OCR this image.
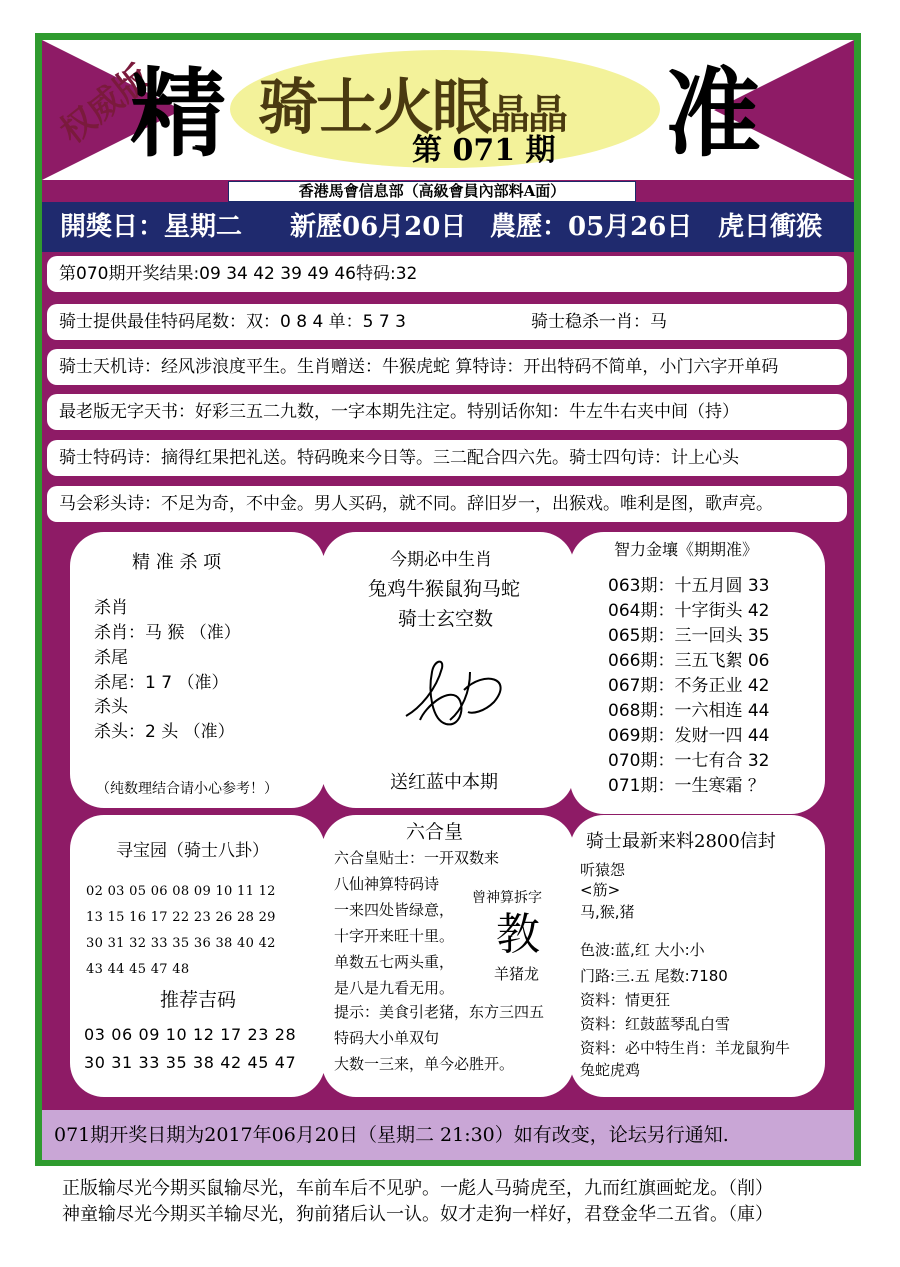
权威版
精	准
骑士火眼晶晶
第 071 期
香港馬會信息部（高級會員內部料A面）
開獎日：星期二 新歷06月20日 農歷：05月26日 虎日衝猴
第070期开奖结果:09 34 42 39 49 46特码:32
骑士提供最佳特码尾数：双：0 8 4 单：5 7 3	骑士稳杀一肖：马
骑士天机诗：经风涉浪度平生。生肖赠送：牛猴虎蛇 算特诗：开出特码不简单，小门六字开单码
最老版无字天书：好彩三五二九数，一字本期先注定。特别话你知：牛左牛右夹中间（持）
骑士特码诗：摘得红果把礼送。特码晚来今日等。三二配合四六先。骑士四句诗：计上心头
马会彩头诗：不足为奇，不中金。男人买码，就不同。辞旧岁一，出猴戏。唯利是图，歌声亮。
精 准 杀 项
杀肖
杀肖：马 猴 （准）
杀尾
杀尾：1 7 （准）
杀头
杀头：2 头 （准）
（纯数理结合请小心参考！）
今期必中生肖
兔鸡牛猴鼠狗马蛇
骑士玄空数
送红蓝中本期
智力金壤《期期准》
063期：十五月圆 33
064期：十字街头 42
065期：三一回头 35
066期：三五飞絮 06
067期：不务正业 42
068期：一六相连 44
069期：发财一四 44
070期：一七有合 32
071期：一生寒霜 ？
寻宝园（骑士八卦）
02 03 05 06 08 09 10 11 12
13 15 16 17 22 23 26 28 29
30 31 32 33 35 36 38 40 42
43 44 45 47 48
推荐吉码
03 06 09 10 12 17 23 28
30 31 33 35 38 42 45 47
六合皇
六合皇贴士：一开双数来
八仙神算特码诗
一来四处皆绿意，
十字开来旺十里。
单数五七两头重，
是八是九看无用。
提示：美食引老猪，东方三四五
特码大小单双句
大数一三来，单今必胜开。
曾神算拆字
教
羊猪龙
骑士最新来料2800信封
听猿怨
<筋>
马,猴,猪
色波:蓝,红 大小:小
门路:三.五 尾数:7180
资料：情更狂
资料：红鼓蓝琴乱白雪
资料：必中特生肖：羊龙鼠狗牛
兔蛇虎鸡
071期开奖日期为2017年06月20日（星期二 21:30）如有改变，论坛另行通知.
正版输尽光今期买鼠输尽光，车前车后不见驴。一彪人马骑虎至，九而红旗画蛇龙。（削）
神童输尽光今期买羊输尽光，狗前猪后认一认。奴才走狗一样好，君登金华二五省。（庫）
